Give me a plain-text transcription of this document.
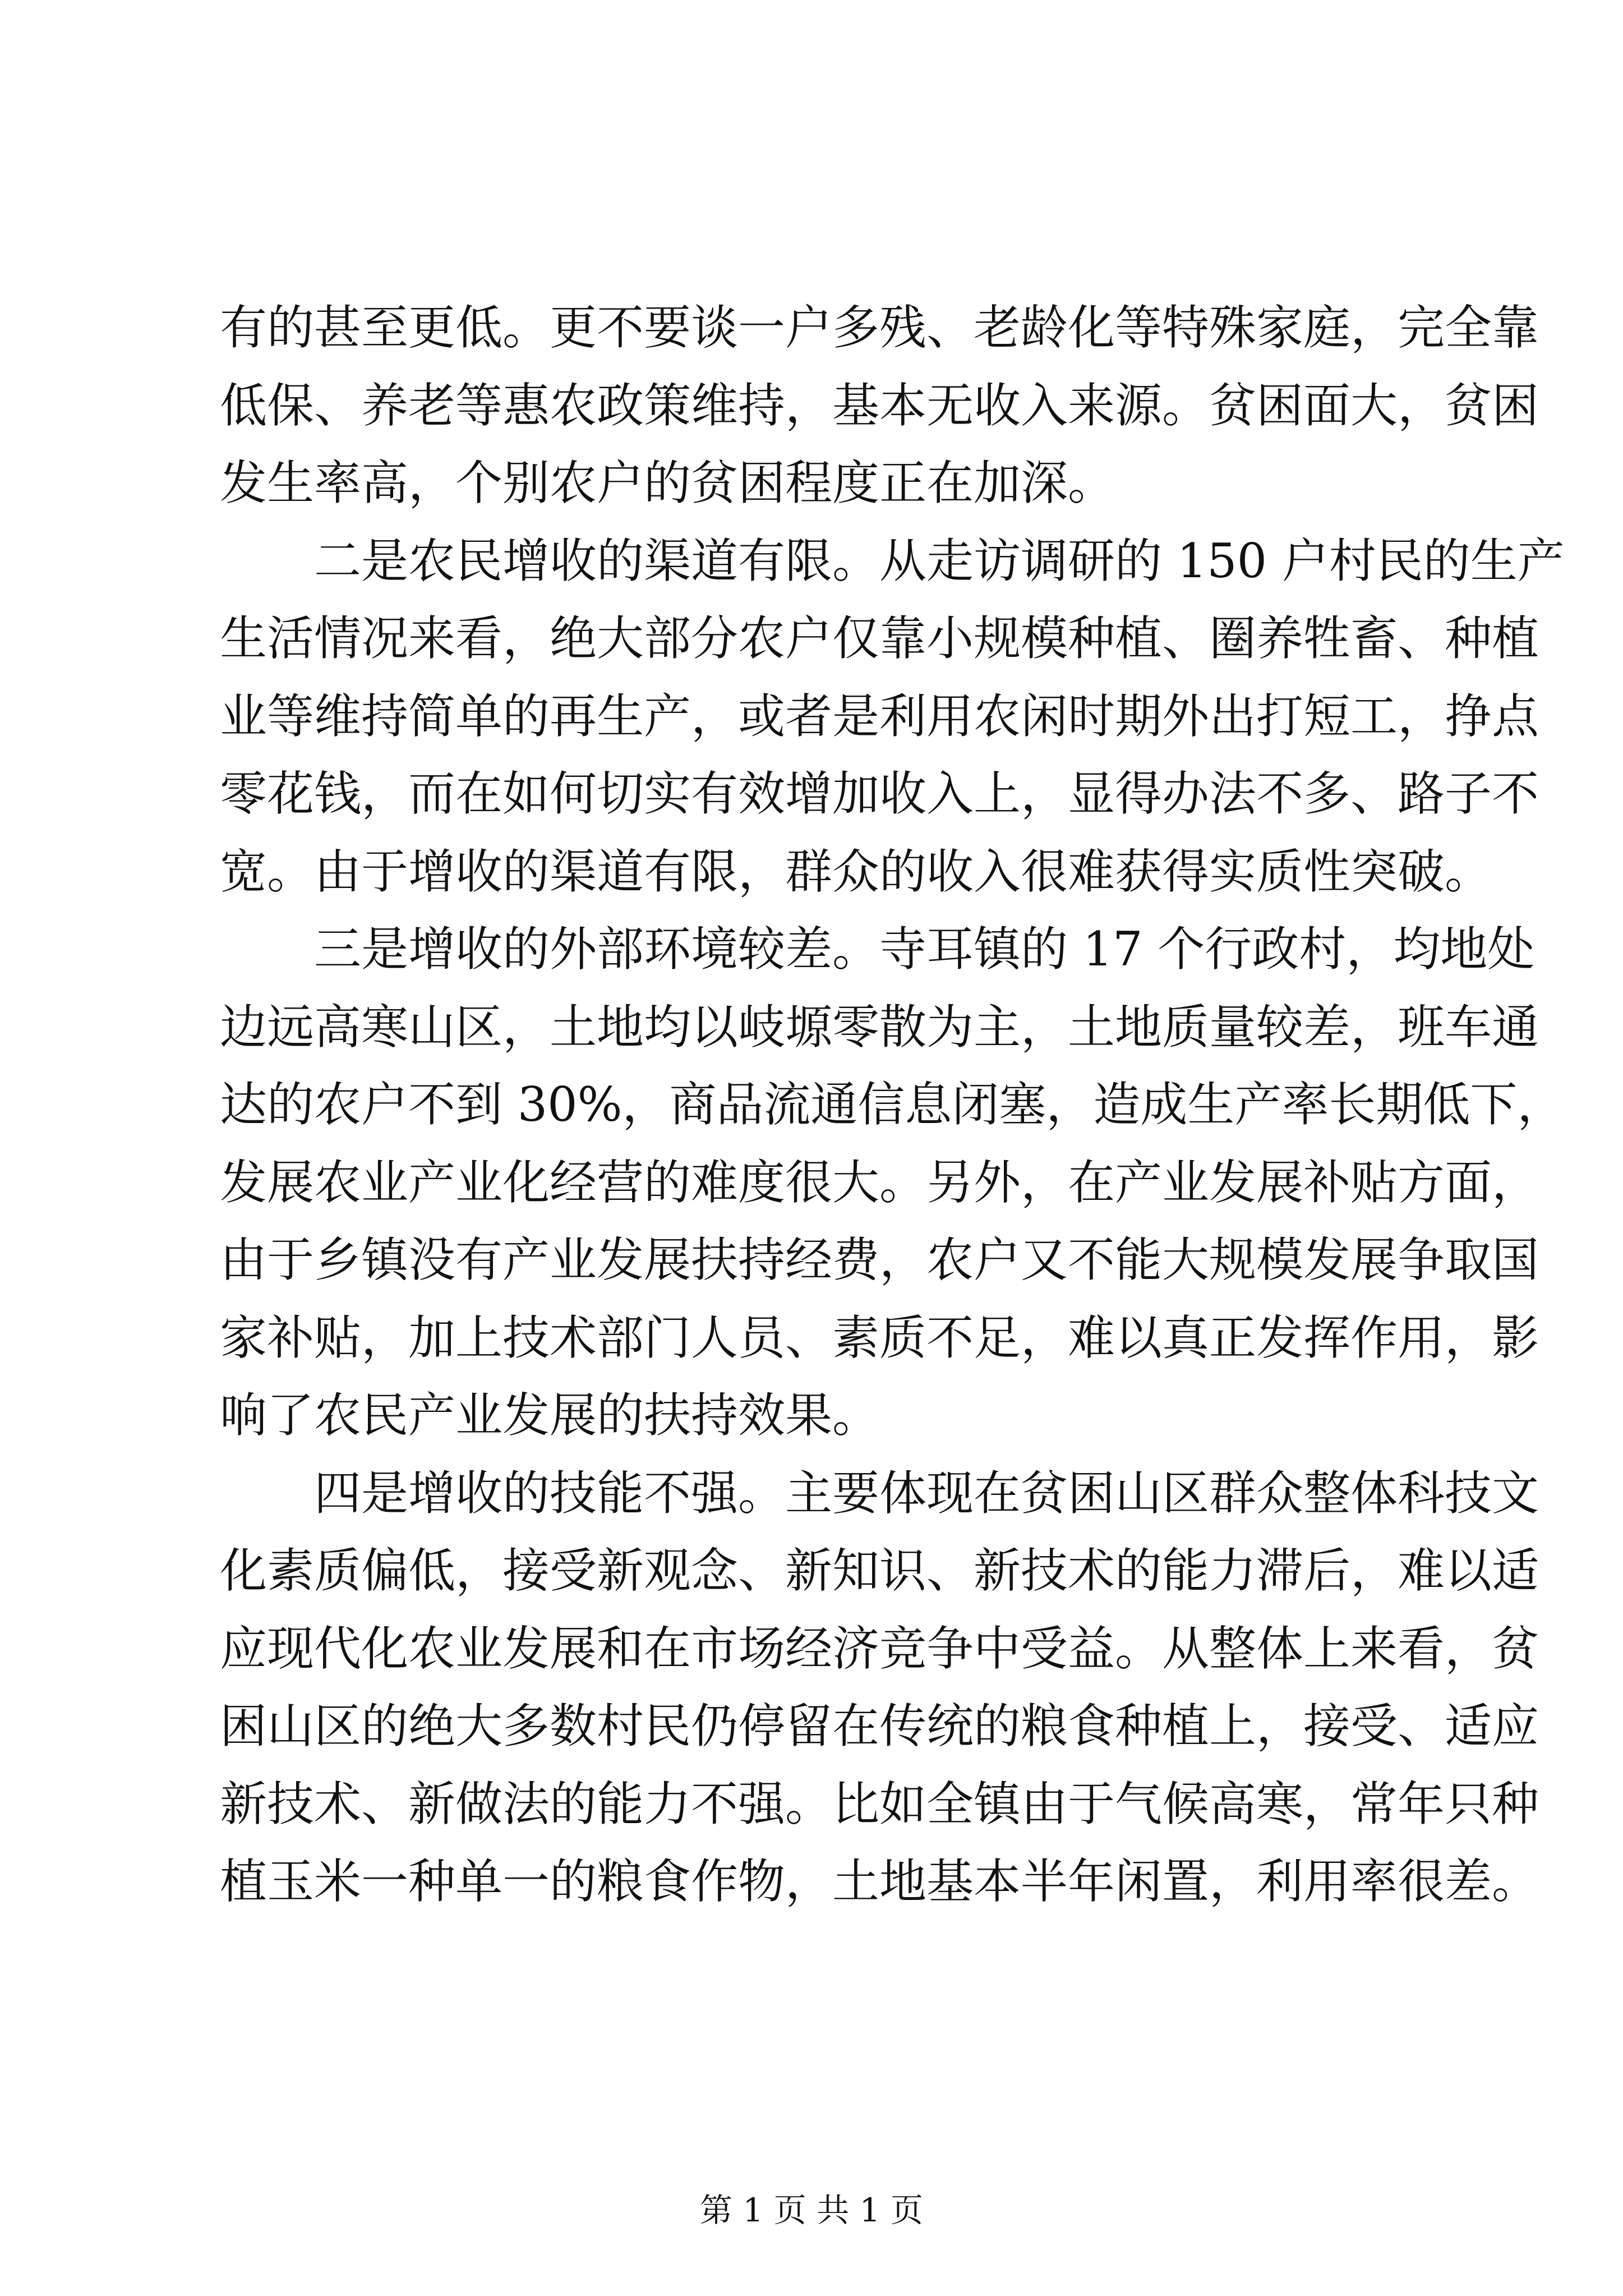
有的甚至更低。更不要谈一户多残、老龄化等特殊家庭，完全靠
低保、养老等惠农政策维持，基本无收入来源。贫困面大，贫困
发生率高，个别农户的贫困程度正在加深。
二是农民增收的渠道有限。从走访调研的 150 户村民的生产
生活情况来看，绝大部分农户仅靠小规模种植、圈养牲畜、种植
业等维持简单的再生产，或者是利用农闲时期外出打短工，挣点
零花钱，而在如何切实有效增加收入上，显得办法不多、路子不
宽。由于增收的渠道有限，群众的收入很难获得实质性突破。
三是增收的外部环境较差。寺耳镇的 17 个行政村，均地处
边远高寒山区，土地均以岐塬零散为主，土地质量较差，班车通
达的农户不到 30%，商品流通信息闭塞，造成生产率长期低下，
发展农业产业化经营的难度很大。另外，在产业发展补贴方面，
由于乡镇没有产业发展扶持经费，农户又不能大规模发展争取国
家补贴，加上技术部门人员、素质不足，难以真正发挥作用，影
响了农民产业发展的扶持效果。
四是增收的技能不强。主要体现在贫困山区群众整体科技文
化素质偏低，接受新观念、新知识、新技术的能力滞后，难以适
应现代化农业发展和在市场经济竞争中受益。从整体上来看，贫
困山区的绝大多数村民仍停留在传统的粮食种植上，接受、适应
新技术、新做法的能力不强。比如全镇由于气候高寒，常年只种
植玉米一种单一的粮食作物，土地基本半年闲置，利用率很差。
第 1 页 共 1 页
